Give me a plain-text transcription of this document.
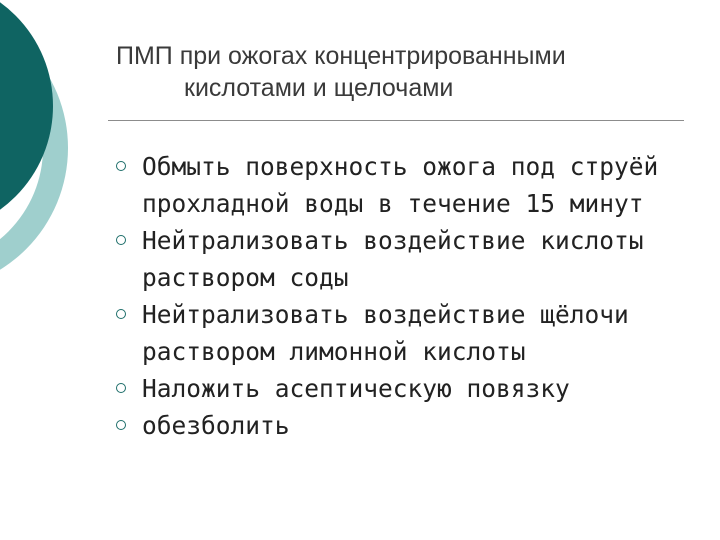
ПМП при ожогах концентрированными
кислотами и щелочами
Обмыть поверхность ожога под струёй прохладной воды в течение 15 минут
Нейтрализовать воздействие кислоты раствором соды
Нейтрализовать воздействие щёлочи раствором лимонной кислоты
Наложить асептическую повязку
обезболить
